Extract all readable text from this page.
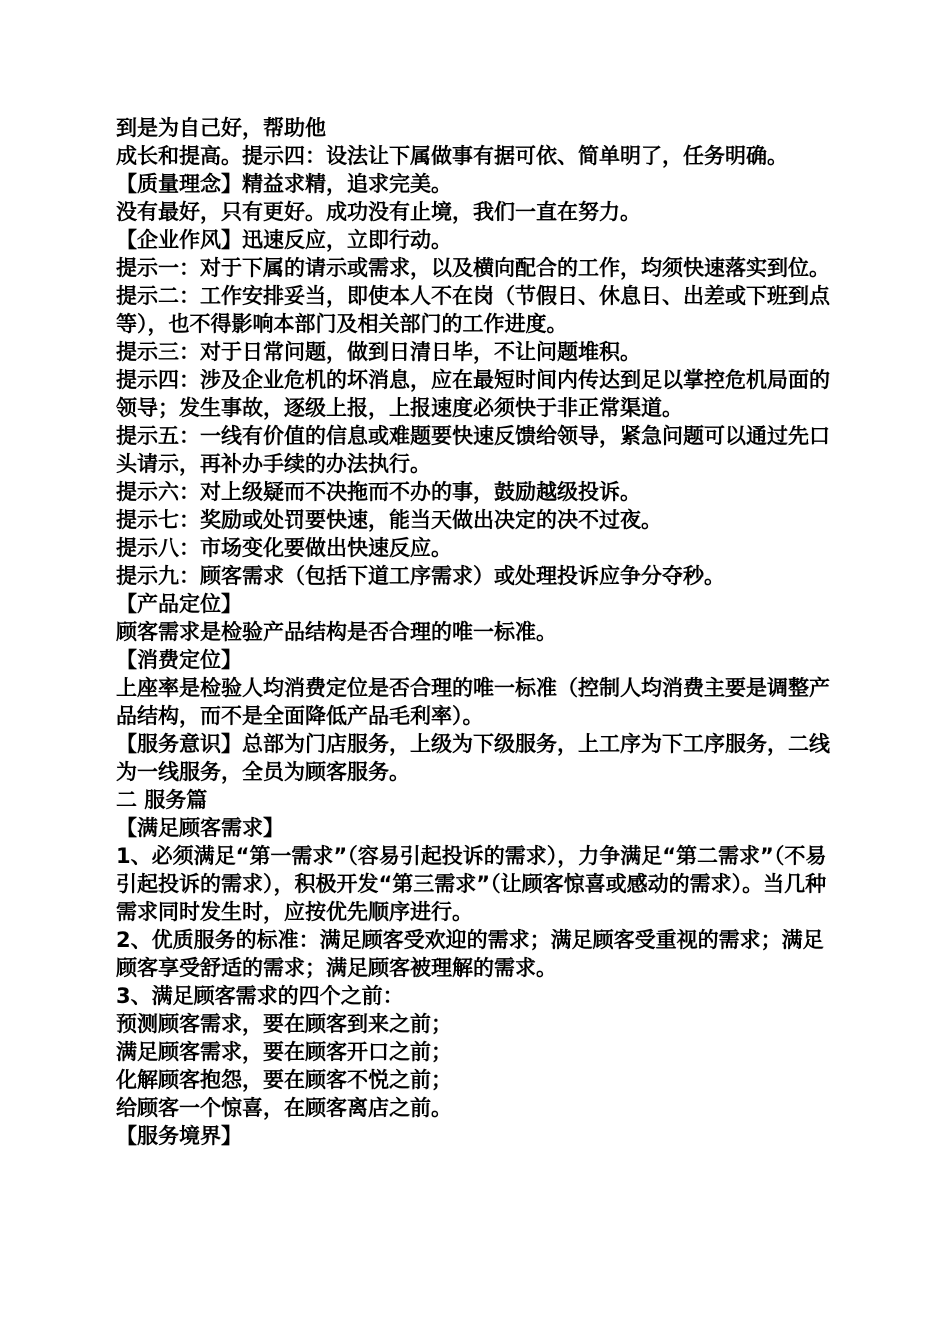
到是为自己好，帮助他

成长和提高。提示四：设法让下属做事有据可依、简单明了，任务明确。

【质量理念】精益求精，追求完美。

没有最好，只有更好。成功没有止境，我们一直在努力。

【企业作风】迅速反应，立即行动。

提示一：对于下属的请示或需求，以及横向配合的工作，均须快速落实到位。 提示二：工作安排妥当，即使本人不在岗（节假日、休息日、出差或下班到点等），也不得影响本部门及相关部门的工作进度。

提示三：对于日常问题，做到日清日毕，不让问题堆积。

提示四：涉及企业危机的坏消息，应在最短时间内传达到足以掌控危机局面的领导；发生事故，逐级上报，上报速度必须快于非正常渠道。

提示五：一线有价值的信息或难题要快速反馈给领导，紧急问题可以通过先口头请示，再补办手续的办法执行。

提示六：对上级疑而不决拖而不办的事，鼓励越级投诉。

提示七：奖励或处罚要快速，能当天做出决定的决不过夜。

提示八：市场变化要做出快速反应。

提示九：顾客需求（包括下道工序需求）或处理投诉应争分夺秒。

【产品定位】

顾客需求是检验产品结构是否合理的唯一标准。

【消费定位】

上座率是检验人均消费定位是否合理的唯一标准（控制人均消费主要是调整产品结构，而不是全面降低产品毛利率）。

【服务意识】总部为门店服务，上级为下级服务，上工序为下工序服务，二线为一线服务，全员为顾客服务。

二 服务篇

【满足顾客需求】

1、必须满足“第一需求”（容易引起投诉的需求），力争满足“第二需求”（不易引起投诉的需求），积极开发“第三需求”（让顾客惊喜或感动的需求）。当几种需求同时发生时，应按优先顺序进行。

2、优质服务的标准：满足顾客受欢迎的需求；满足顾客受重视的需求；满足顾客享受舒适的需求；满足顾客被理解的需求。

3、满足顾客需求的四个之前：

预测顾客需求，要在顾客到来之前；

满足顾客需求，要在顾客开口之前；

化解顾客抱怨，要在顾客不悦之前；

给顾客一个惊喜，在顾客离店之前。

【服务境界】
